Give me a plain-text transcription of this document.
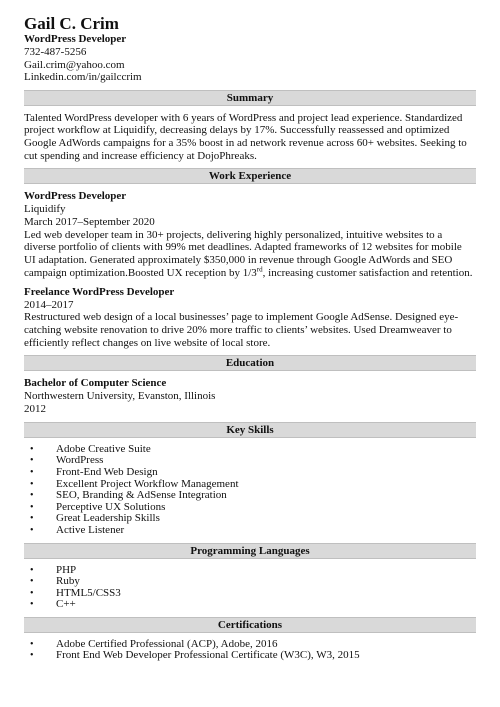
Gail C. Crim
WordPress Developer
732-487-5256
Gail.crim@yahoo.com
Linkedin.com/in/gailccrim
Summary

Talented WordPress developer with 6 years of WordPress and project lead experience. Standardized project workflow at Liquidify, decreasing delays by 17%. Successfully reassessed and optimized Google AdWords campaigns for a 35% boost in ad network revenue across 60+ websites. Seeking to cut spending and increase efficiency at DojoPhreaks.

Work Experience
WordPress Developer
Liquidify
March 2017–September 2020

Led web developer team in 30+ projects, delivering highly personalized, intuitive websites to a diverse portfolio of clients with 99% met deadlines. Adapted frameworks of 12 websites for mobile UI adaptation. Generated approximately $350,000 in revenue through Google AdWords and SEO campaign optimization.Boosted UX reception by 1/3rd, increasing customer satisfaction and retention.

Freelance WordPress Developer
2014–2017

Restructured web design of a local businesses’ page to implement Google AdSense. Designed eye-catching website renovation to drive 20% more traffic to clients’ websites. Used Dreamweaver to efficiently reflect changes on live website of local store.

Education
Bachelor of Computer Science
Northwestern University, Evanston, Illinois
2012
Key Skills
• Adobe Creative Suite
• WordPress
• Front-End Web Design
• Excellent Project Workflow Management
• SEO, Branding & AdSense Integration
• Perceptive UX Solutions
• Great Leadership Skills
• Active Listener
Programming Languages
• PHP
• Ruby
• HTML5/CSS3
• C++
Certifications
• Adobe Certified Professional (ACP), Adobe, 2016
• Front End Web Developer Professional Certificate (W3C), W3, 2015
